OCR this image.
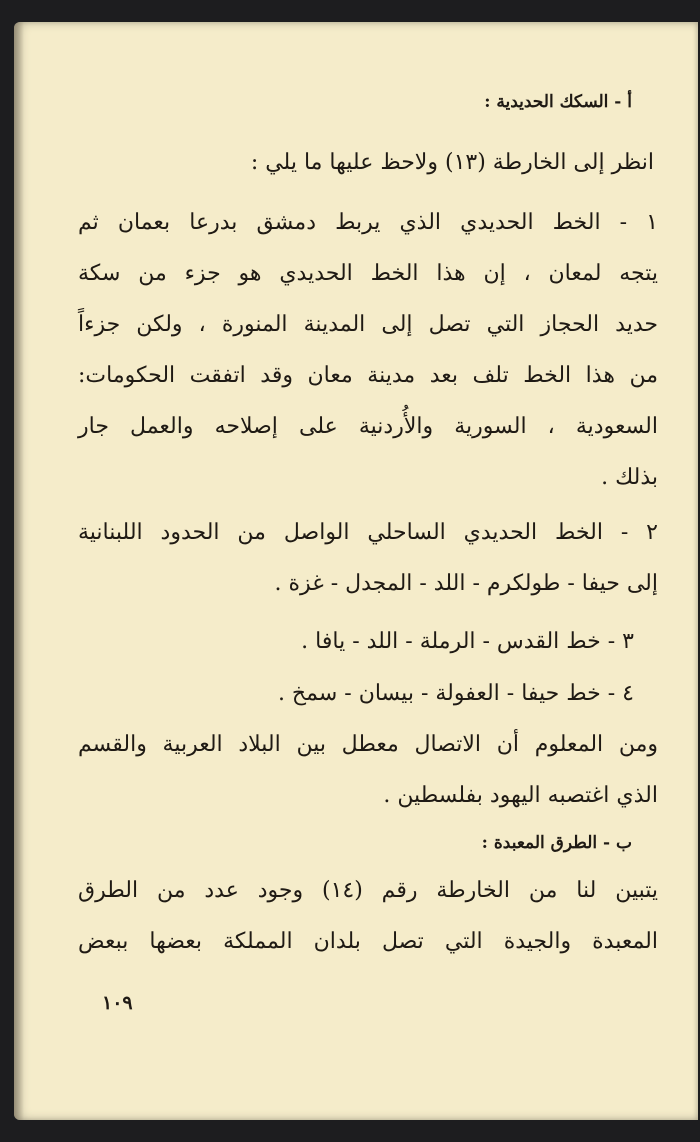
أ - السكك الحديدية :
انظر إلى الخارطة (١٣) ولاحظ عليها ما يلي :
١ - الخط الحديدي الذي يربط دمشق بدرعا بعمان ثم
يتجه لمعان ، إن هذا الخط الحديدي هو جزء من سكة
حديد الحجاز التي تصل إلى المدينة المنورة ، ولكن جزءاً
من هذا الخط تلف بعد مدينة معان وقد اتفقت الحكومات:
السعودية ، السورية والأُردنية على إصلاحه والعمل جار
بذلك .
٢ - الخط الحديدي الساحلي الواصل من الحدود اللبنانية
إلى حيفا - طولكرم - اللد - المجدل - غزة .
٣ - خط القدس - الرملة - اللد - يافا .
٤ - خط حيفا - العفولة - بيسان - سمخ .
ومن المعلوم أن الاتصال معطل بين البلاد العربية والقسم
الذي اغتصبه اليهود بفلسطين .
ب - الطرق المعبدة :
يتبين لنا من الخارطة رقم (١٤) وجود عدد من الطرق
المعبدة والجيدة التي تصل بلدان المملكة بعضها ببعض
١٠٩
